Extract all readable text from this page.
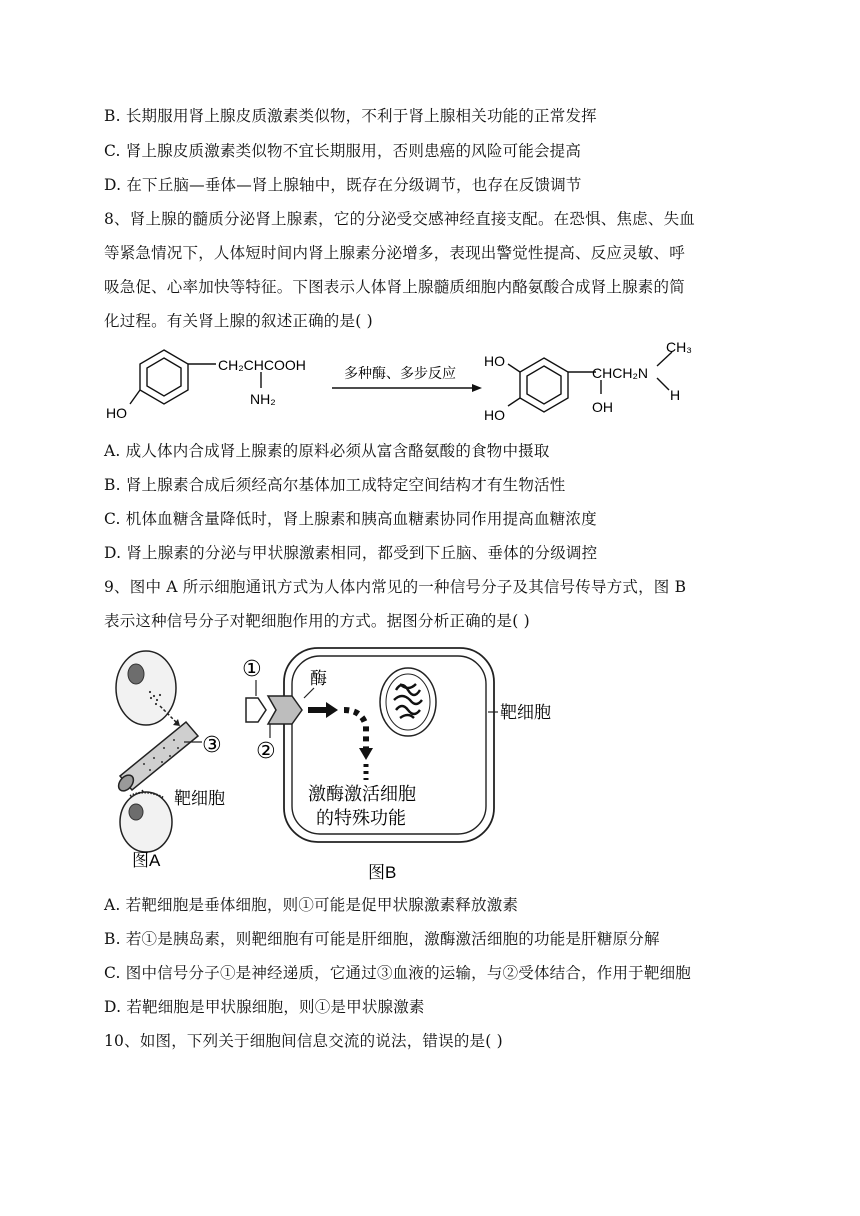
B. 长期服用肾上腺皮质激素类似物，不利于肾上腺相关功能的正常发挥
C. 肾上腺皮质激素类似物不宜长期服用，否则患癌的风险可能会提高
D. 在下丘脑—垂体—肾上腺轴中，既存在分级调节，也存在反馈调节
8、肾上腺的髓质分泌肾上腺素，它的分泌受交感神经直接支配。在恐惧、焦虑、失血
等紧急情况下，人体短时间内肾上腺素分泌增多，表现出警觉性提高、反应灵敏、呼
吸急促、心率加快等特征。下图表示人体肾上腺髓质细胞内酪氨酸合成肾上腺素的简
化过程。有关肾上腺的叙述正确的是( )
CH₂CHCOOH
NH₂
HO
多种酶、多步反应
HO
HO
CHCH₂N
CH₃
H
OH
A. 成人体内合成肾上腺素的原料必须从富含酪氨酸的食物中摄取
B. 肾上腺素合成后须经高尔基体加工成特定空间结构才有生物活性
C. 机体血糖含量降低时，肾上腺素和胰高血糖素协同作用提高血糖浓度
D. 肾上腺素的分泌与甲状腺激素相同，都受到下丘脑、垂体的分级调控
9、图中 A 所示细胞通讯方式为人体内常见的一种信号分子及其信号传导方式，图 B
表示这种信号分子对靶细胞作用的方式。据图分析正确的是( )
③
靶细胞
图A
靶细胞
①
②
酶
激酶激活细胞
的特殊功能
图B
A. 若靶细胞是垂体细胞，则①可能是促甲状腺激素释放激素
B. 若①是胰岛素，则靶细胞有可能是肝细胞，激酶激活细胞的功能是肝糖原分解
C. 图中信号分子①是神经递质，它通过③血液的运输，与②受体结合，作用于靶细胞
D. 若靶细胞是甲状腺细胞，则①是甲状腺激素
10、如图，下列关于细胞间信息交流的说法，错误的是( )
